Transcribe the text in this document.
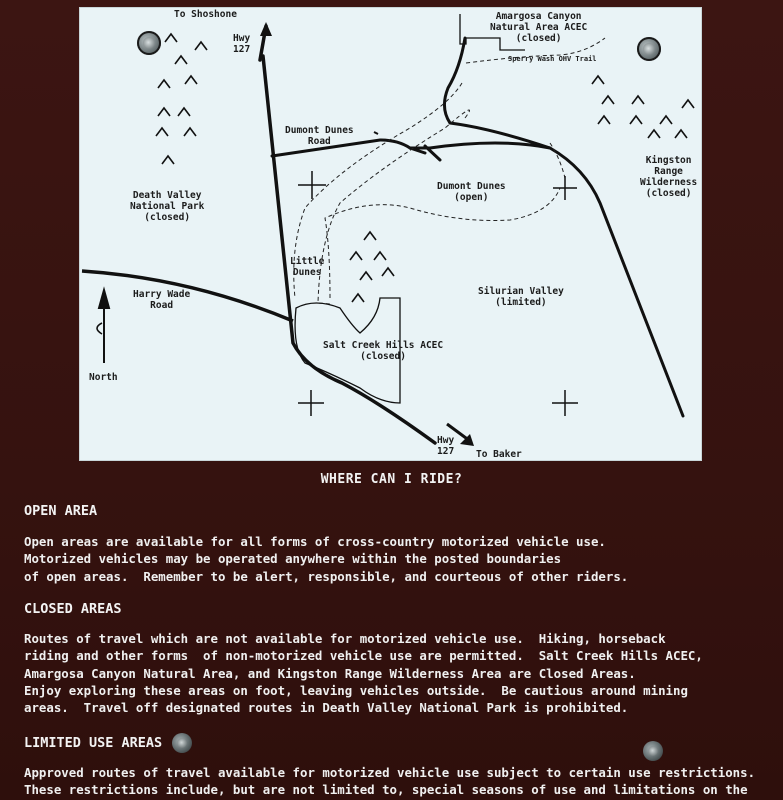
To Shoshone
Hwy
127
Amargosa Canyon
Natural Area ACEC
(closed)
Sperry Wash OHV Trail
Dumont Dunes
Road
Death Valley
National Park
(closed)
Dumont Dunes
(open)
Kingston
Range
Wilderness
(closed)
Little
Dunes
Harry Wade
Road
Silurian Valley
(limited)
Salt Creek Hills ACEC
(closed)
North
Hwy
127 To Baker
WHERE CAN I RIDE?
OPEN AREA
Open areas are available for all forms of cross-country motorized vehicle use.
Motorized vehicles may be operated anywhere within the posted boundaries
of open areas.  Remember to be alert, responsible, and courteous of other riders.
CLOSED AREAS
Routes of travel which are not available for motorized vehicle use.  Hiking, horseback
riding and other forms  of non-motorized vehicle use are permitted.  Salt Creek Hills ACEC,
Amargosa Canyon Natural Area, and Kingston Range Wilderness Area are Closed Areas.
Enjoy exploring these areas on foot, leaving vehicles outside.  Be cautious around mining
areas.  Travel off designated routes in Death Valley National Park is prohibited.
LIMITED USE AREAS
Approved routes of travel available for motorized vehicle use subject to certain use restrictions.
These restrictions include, but are not limited to, special seasons of use and limitations on the
